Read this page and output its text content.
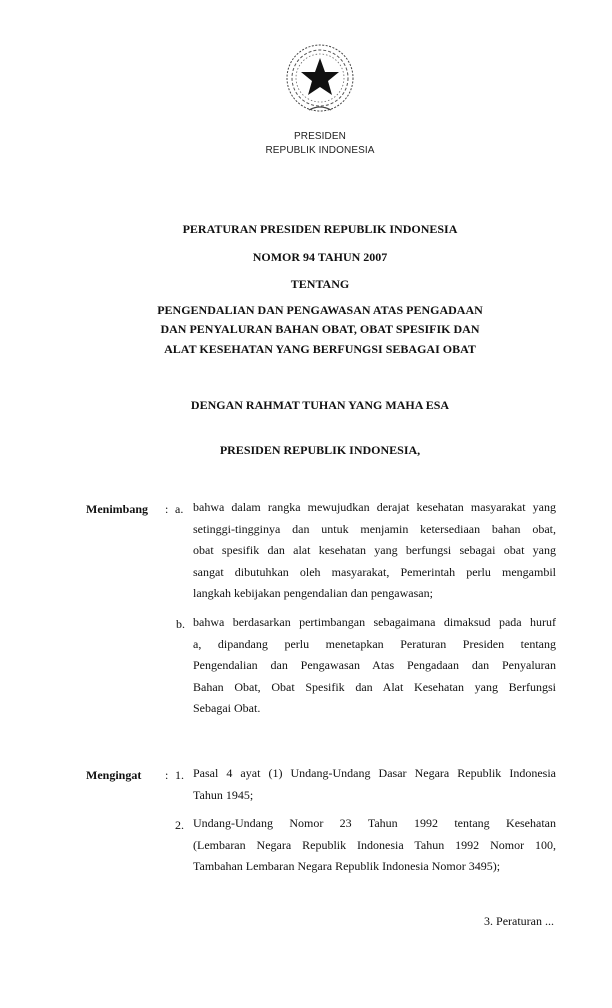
PRESIDEN
REPUBLIK INDONESIA
PERATURAN PRESIDEN REPUBLIK INDONESIA
NOMOR 94 TAHUN 2007
TENTANG
PENGENDALIAN DAN PENGAWASAN ATAS PENGADAAN
DAN PENYALURAN BAHAN OBAT, OBAT SPESIFIK DAN
ALAT KESEHATAN YANG BERFUNGSI SEBAGAI OBAT
DENGAN RAHMAT TUHAN YANG MAHA ESA
PRESIDEN REPUBLIK INDONESIA,
Menimbang : a. bahwa dalam rangka mewujudkan derajat kesehatan masyarakat yang
setinggi-tingginya dan untuk menjamin ketersediaan bahan obat,
obat spesifik dan alat kesehatan yang berfungsi sebagai obat yang
sangat dibutuhkan oleh masyarakat, Pemerintah perlu mengambil
langkah kebijakan pengendalian dan pengawasan;
b. bahwa berdasarkan pertimbangan sebagaimana dimaksud pada huruf
a, dipandang perlu menetapkan Peraturan Presiden tentang
Pengendalian dan Pengawasan Atas Pengadaan dan Penyaluran
Bahan Obat, Obat Spesifik dan Alat Kesehatan yang Berfungsi
Sebagai Obat.
Mengingat : 1. Pasal 4 ayat (1) Undang-Undang Dasar Negara Republik Indonesia
Tahun 1945;
2. Undang-Undang Nomor 23 Tahun 1992 tentang Kesehatan
(Lembaran Negara Republik Indonesia Tahun 1992 Nomor 100,
Tambahan Lembaran Negara Republik Indonesia Nomor 3495);
3. Peraturan ...
